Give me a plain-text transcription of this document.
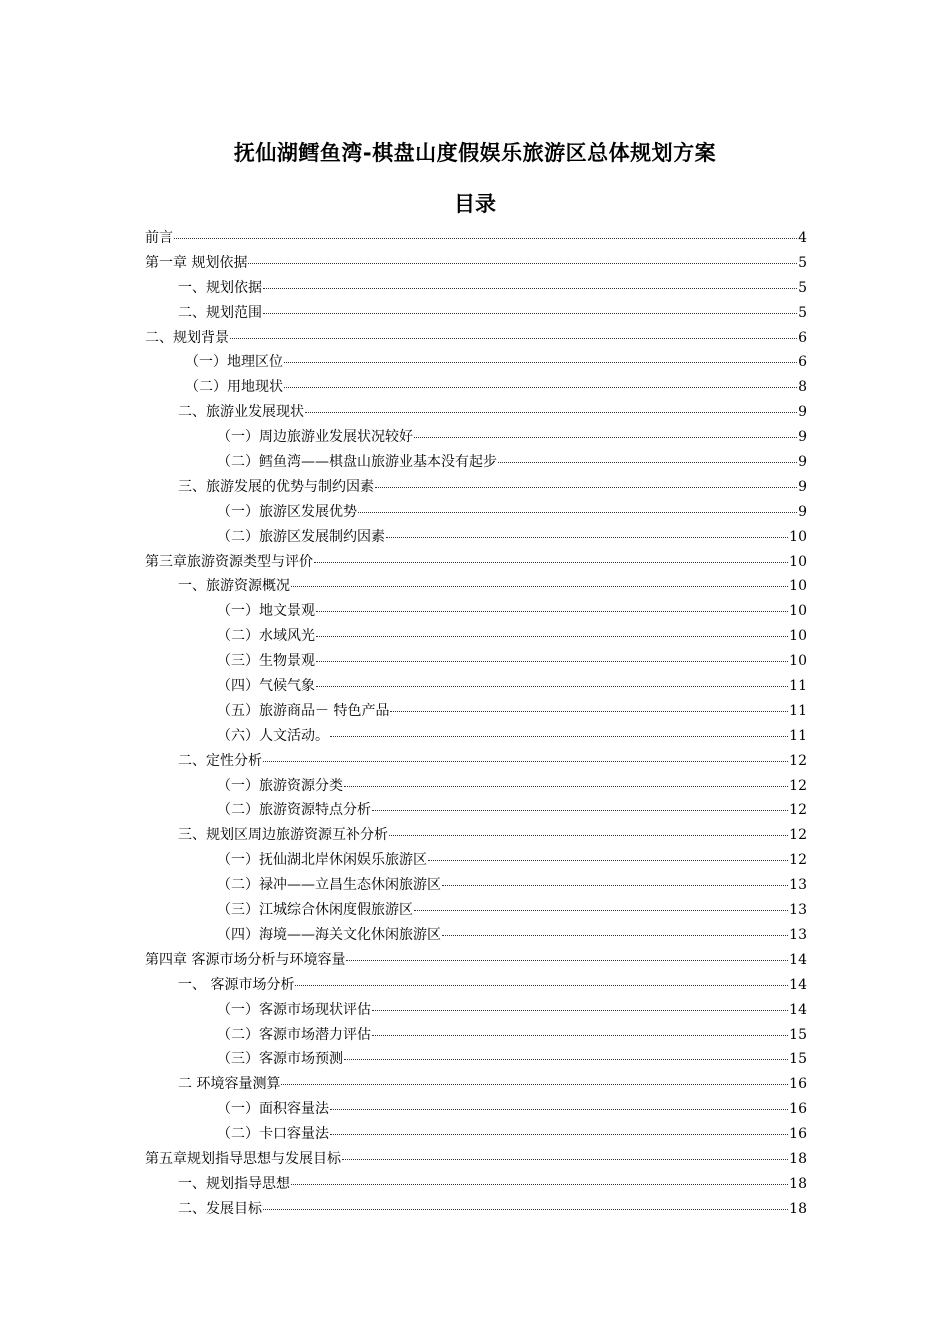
抚仙湖鳕鱼湾-棋盘山度假娱乐旅游区总体规划方案
目录
前言	4
第一章 规划依据	5
一、规划依据	5
二、规划范围	5
二、规划背景	6
（一）地理区位	6
（二）用地现状	8
二、旅游业发展现状	9
（一）周边旅游业发展状况较好	9
（二）鳕鱼湾——棋盘山旅游业基本没有起步	9
三、旅游发展的优势与制约因素	9
（一）旅游区发展优势	9
（二）旅游区发展制约因素	10
第三章旅游资源类型与评价	10
一、旅游资源概况	10
（一）地文景观	10
（二）水域风光	10
（三）生物景观	10
（四）气候气象	11
（五）旅游商品－ 特色产品	11
（六）人文活动。	11
二、定性分析	12
（一）旅游资源分类	12
（二）旅游资源特点分析	12
三、规划区周边旅游资源互补分析	12
（一）抚仙湖北岸休闲娱乐旅游区	12
（二）禄冲——立昌生态休闲旅游区	13
（三）江城综合休闲度假旅游区	13
（四）海境——海关文化休闲旅游区	13
第四章 客源市场分析与环境容量	14
一、 客源市场分析	14
（一）客源市场现状评估	14
（二）客源市场潜力评估	15
（三）客源市场预测	15
二 环境容量测算	16
（一）面积容量法	16
（二）卡口容量法	16
第五章规划指导思想与发展目标	18
一、规划指导思想	18
二、发展目标	18
